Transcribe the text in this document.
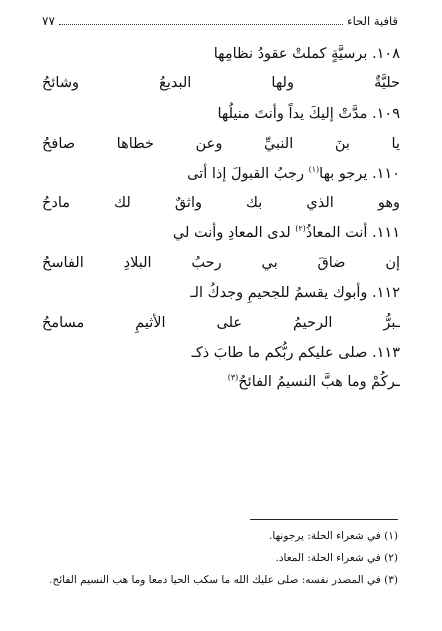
قافية الحاء
٧٧
١٠٨. برسيَّةٍ كملتْ عقودُ نظامِها
حليَّةٌ
ولها
البديعُ
وشائحُ
١٠٩. مدَّتْ إليكَ يداً وأنتَ منيلُها
يا
بنَ
النبيِّ
وعن
خطاها
صافحُ
١١٠. يرجو بها$^{(١)}$ رجبُ القبولَ إذا أتى
وهو
الذي
بك
واثقٌ
لك
مادحُ
١١١. أنت المعاذُ$^{(٢)}$ لدى المعادِ وأنت لي
إن
ضاقَ
بي
رحبُ
البلادِ
الفاسحُ
١١٢. وأبوك يقسمُ للجحيمِ وجدكُ الـ
ـبرُّ
الرحيمُ
على
الأثيمِ
مسامحُ
١١٣. صلى عليكم ربُّكم ما طابَ ذكـ
ـركُمْ وما هبَّ النسيمُ الفائحُ$^{(٣)}$
(١) في شعراء الحلة: يرجونها.
(٢) في شعراء الحلة: المعاد.
(٣) في المصدر نفسه: صلى عليك الله ما سكب الحيا دمعا وما هب النسيم الفائح.
